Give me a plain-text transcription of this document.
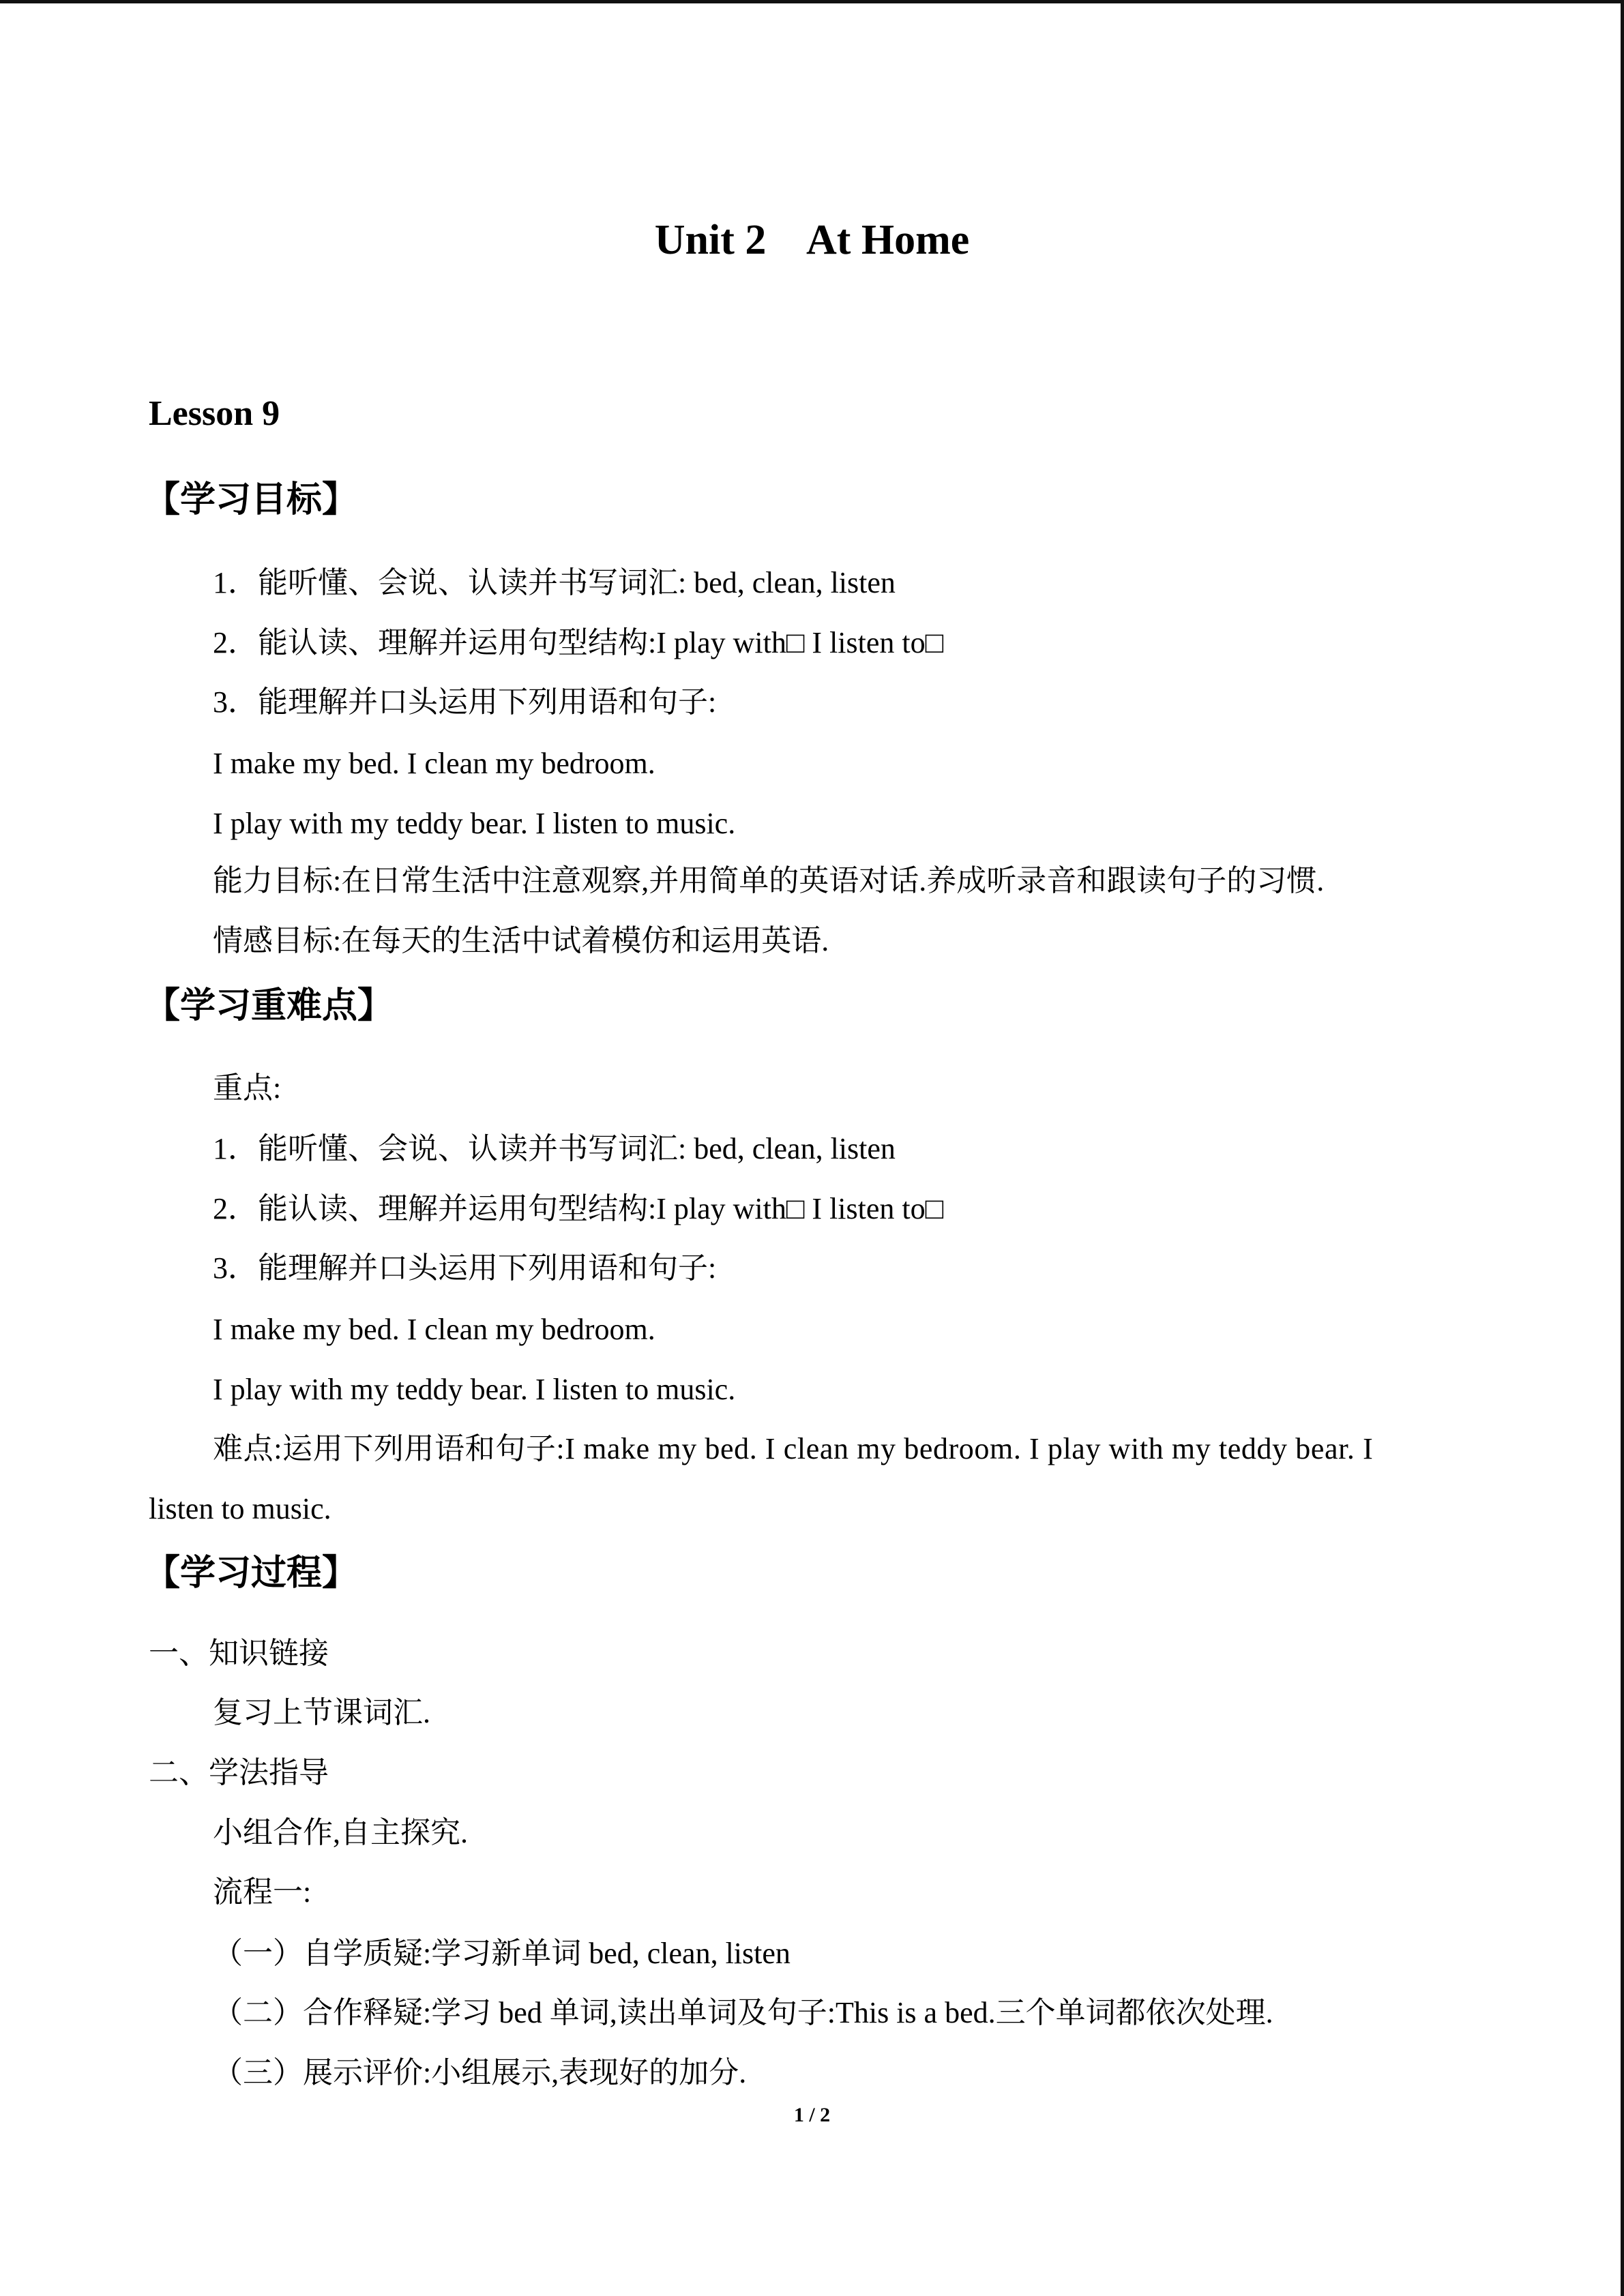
Unit 2    At Home
Lesson 9
【学习目标】
1．能听懂、会说、认读并书写词汇: bed, clean, listen
2．能认读、理解并运用句型结构:I play with□ I listen to□
3．能理解并口头运用下列用语和句子:
I make my bed. I clean my bedroom.
I play with my teddy bear. I listen to music.
能力目标:在日常生活中注意观察,并用简单的英语对话.养成听录音和跟读句子的习惯.
情感目标:在每天的生活中试着模仿和运用英语.
【学习重难点】
重点:
1．能听懂、会说、认读并书写词汇: bed, clean, listen
2．能认读、理解并运用句型结构:I play with□ I listen to□
3．能理解并口头运用下列用语和句子:
I make my bed. I clean my bedroom.
I play with my teddy bear. I listen to music.
难点:运用下列用语和句子:I make my bed. I clean my bedroom. I play with my teddy bear. I
listen to music.
【学习过程】
一、知识链接
复习上节课词汇.
二、学法指导
小组合作,自主探究.
流程一:
（一）自学质疑:学习新单词 bed, clean, listen
（二）合作释疑:学习 bed 单词,读出单词及句子:This is a bed.三个单词都依次处理.
（三）展示评价:小组展示,表现好的加分.
1 / 2
